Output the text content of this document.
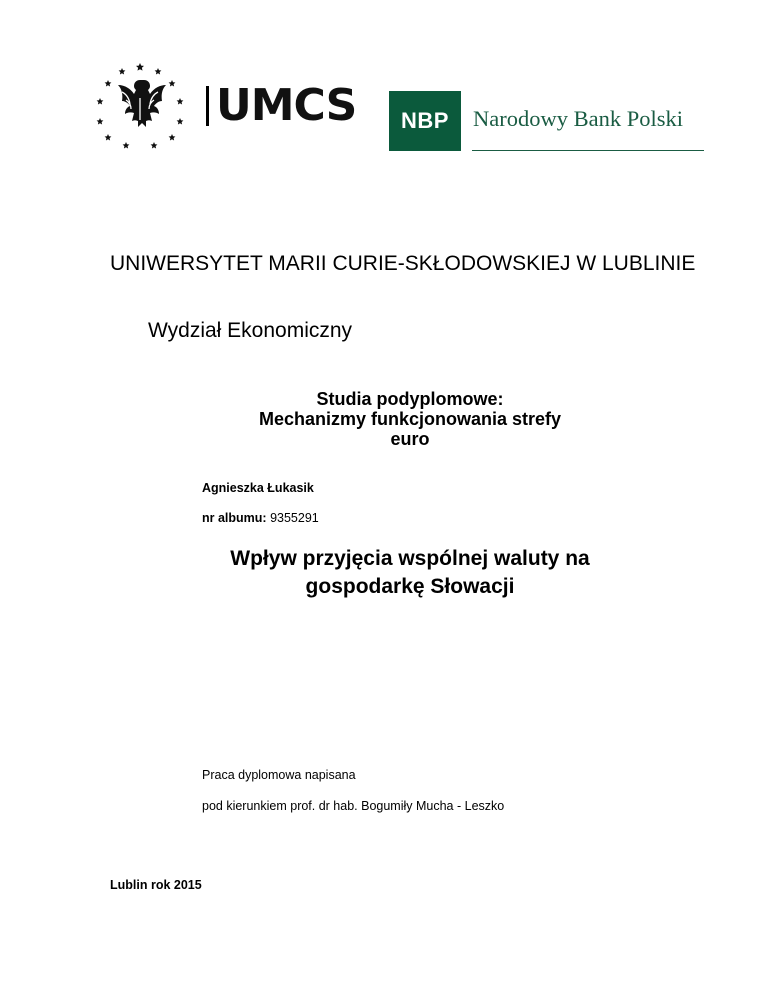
UMCS NBP Narodowy Bank Polski
UNIWERSYTET MARII CURIE-SKŁODOWSKIEJ W LUBLINIE
Wydział Ekonomiczny
Studia podyplomowe:
Mechanizmy funkcjonowania strefy
euro
Agnieszka Łukasik
nr albumu: 9355291
Wpływ przyjęcia wspólnej waluty na
gospodarkę Słowacji
Praca dyplomowa napisana
pod kierunkiem prof. dr hab. Bogumiły Mucha - Leszko
Lublin rok 2015
